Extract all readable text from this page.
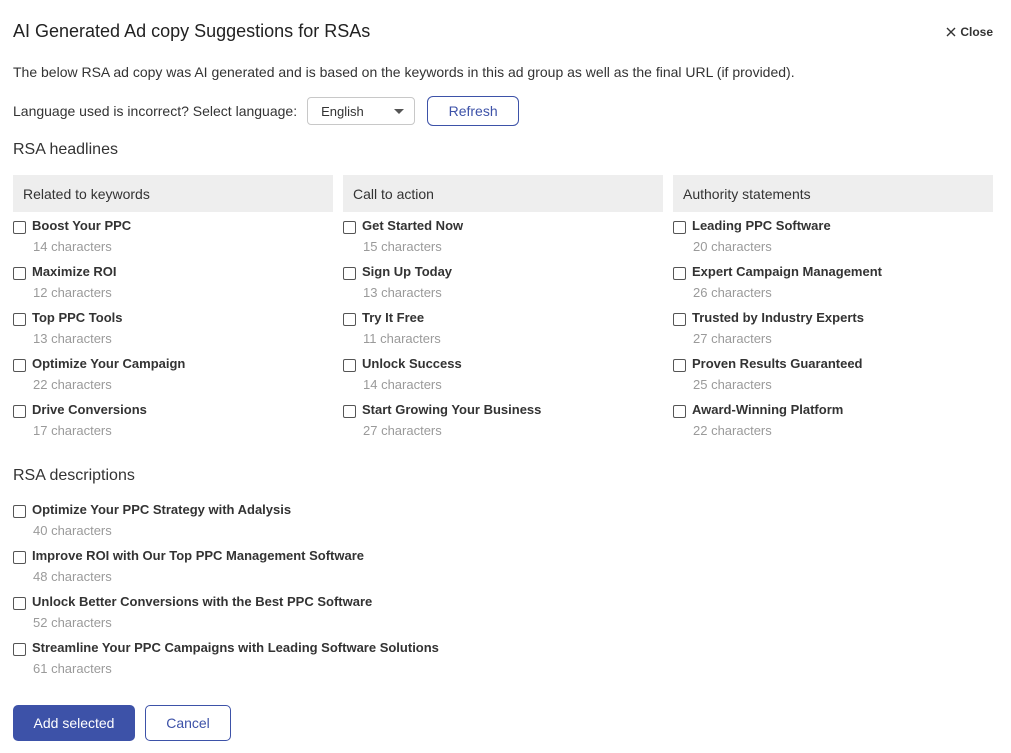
AI Generated Ad copy Suggestions for RSAs	Close
The below RSA ad copy was AI generated and is based on the keywords in this ad group as well as the final URL (if provided).
Language used is incorrect? Select language: English	Refresh
RSA headlines
Related to keywords
Boost Your PPC
14 characters
Maximize ROI
12 characters
Top PPC Tools
13 characters
Optimize Your Campaign
22 characters
Drive Conversions
17 characters
Call to action
Get Started Now
15 characters
Sign Up Today
13 characters
Try It Free
11 characters
Unlock Success
14 characters
Start Growing Your Business
27 characters
Authority statements
Leading PPC Software
20 characters
Expert Campaign Management
26 characters
Trusted by Industry Experts
27 characters
Proven Results Guaranteed
25 characters
Award-Winning Platform
22 characters
RSA descriptions
Optimize Your PPC Strategy with Adalysis
40 characters
Improve ROI with Our Top PPC Management Software
48 characters
Unlock Better Conversions with the Best PPC Software
52 characters
Streamline Your PPC Campaigns with Leading Software Solutions
61 characters
Add selected	Cancel
